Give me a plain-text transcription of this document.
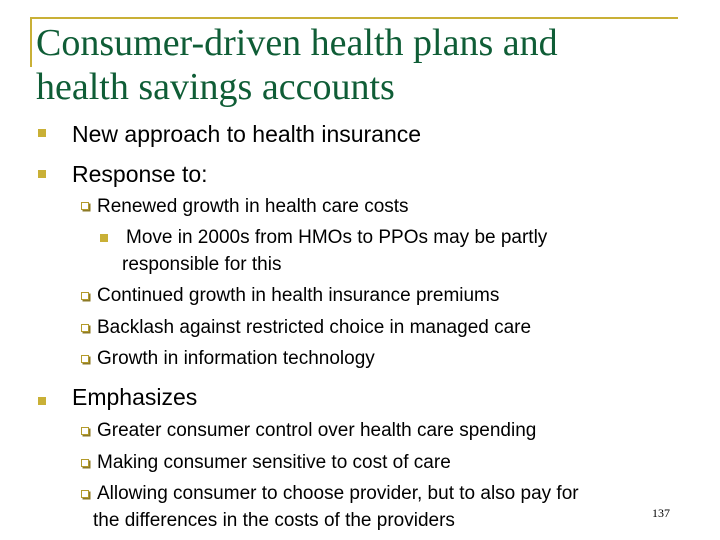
Consumer-driven health plans and
health savings accounts
New approach to health insurance
Response to:
Renewed growth in health care costs
Move in 2000s from HMOs to PPOs may be partly
responsible for this
Continued growth in health insurance premiums
Backlash against restricted choice in managed care
Growth in information technology
Emphasizes
Greater consumer control over health care spending
Making consumer sensitive to cost of care
Allowing consumer to choose provider, but to also pay for
the differences in the costs of the providers	137
